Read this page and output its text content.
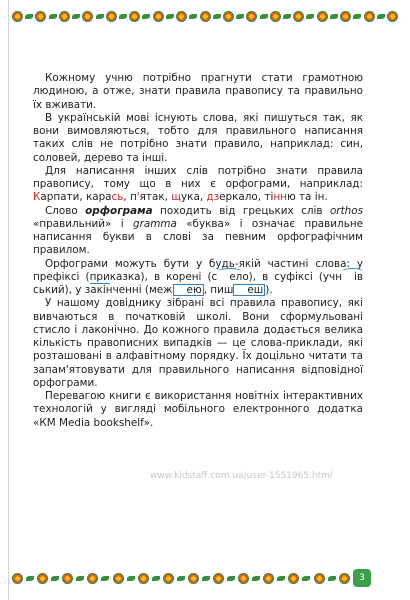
Кожному учню потрібно прагнути стати грамотною людиною, а отже, знати правила правопису та правильно їх вживати.

В українській мові існують слова, які пишуться так, як вони вимовляються, тобто для правильного написання таких слів не потрібно знати правило, наприклад: син, соловей, дерево та інші.

Для написання інших слів потрібно знати правила правопису, тому що в них є орфограми, наприклад: Карпати, карась, п'ятак, щука, дзеркало, тінню та ін.

Слово орфограма походить від грецьких слів orthos «правильний» і gramma «буква» і означає правильне написання букви в слові за певним орфографічним правилом.

Орфограми можуть бути у будь-якій частині слова: у префіксі (приказка), в корені (с ело), в суфіксі (учн івський), у закінченні (меж ею , пиш еш ).

У нашому довіднику зібрані всі правила правопису, які вивчаються в початковій школі. Вони сформульовані стисло і лаконічно. До кожного правила додається велика кількість правописних випадків — це слова-приклади, які розташовані в алфавітному порядку. Їх доцільно читати та запам'ятовувати для правильного написання відповідної орфограми.

Перевагою книги є використання новітніх інтерактивних технологій у вигляді мобільного електронного додатка «КМ Media bookshelf».

www.kidstaff.com.ua/user-1551965.html
3
